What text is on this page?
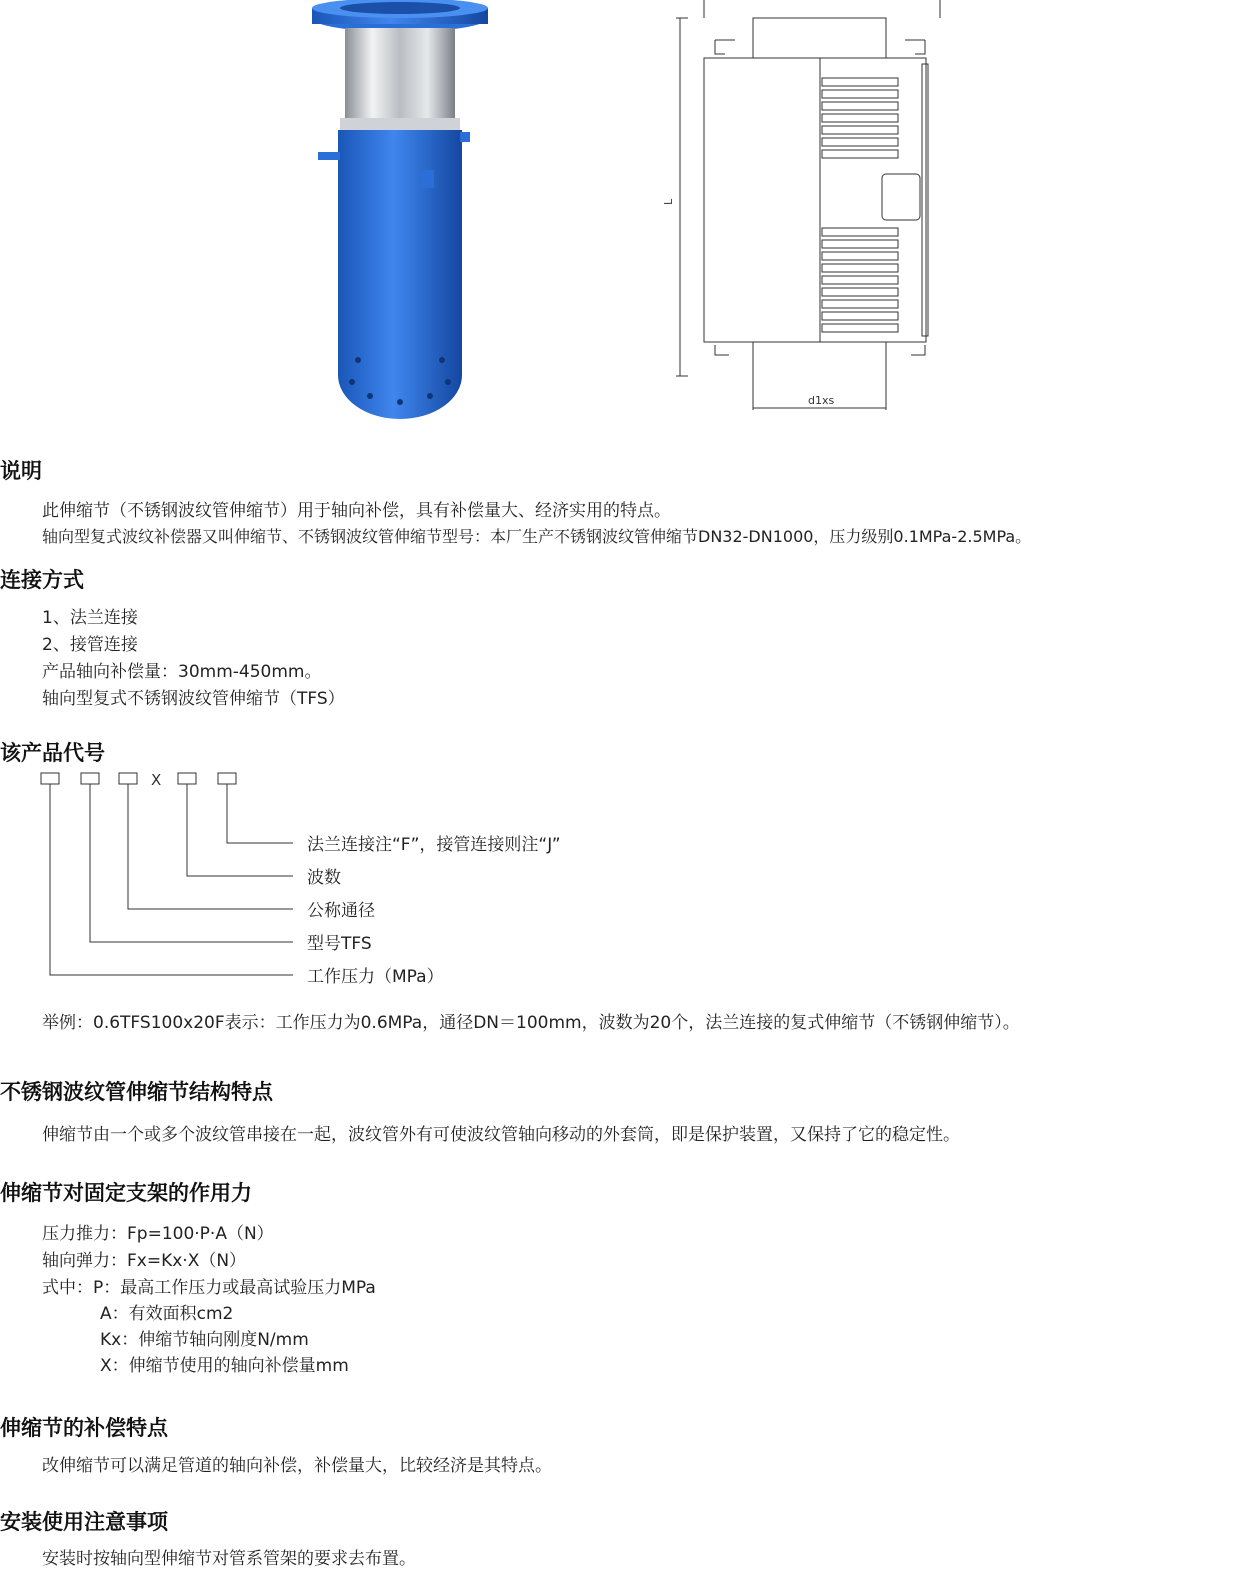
L
d1xs
说明
此伸缩节（不锈钢波纹管伸缩节）用于轴向补偿，具有补偿量大、经济实用的特点。
轴向型复式波纹补偿器又叫伸缩节、不锈钢波纹管伸缩节型号：本厂生产不锈钢波纹管伸缩节DN32-DN1000，压力级别0.1MPa-2.5MPa。
连接方式
1、法兰连接
2、接管连接
产品轴向补偿量：30mm-450mm。
轴向型复式不锈钢波纹管伸缩节（TFS）
该产品代号
X
法兰连接注“F”，接管连接则注“J”
波数
公称通径
型号TFS
工作压力（MPa）
举例：0.6TFS100x20F表示：工作压力为0.6MPa，通径DN＝100mm，波数为20个，法兰连接的复式伸缩节（不锈钢伸缩节）。
不锈钢波纹管伸缩节结构特点
伸缩节由一个或多个波纹管串接在一起，波纹管外有可使波纹管轴向移动的外套筒，即是保护装置，又保持了它的稳定性。
伸缩节对固定支架的作用力
压力推力：Fp=100·P·A（N）
轴向弹力：Fx=Kx·X（N）
式中：P：最高工作压力或最高试验压力MPa
A：有效面积cm2
Kx：伸缩节轴向刚度N/mm
X：伸缩节使用的轴向补偿量mm
伸缩节的补偿特点
改伸缩节可以满足管道的轴向补偿，补偿量大，比较经济是其特点。
安装使用注意事项
安装时按轴向型伸缩节对管系管架的要求去布置。
